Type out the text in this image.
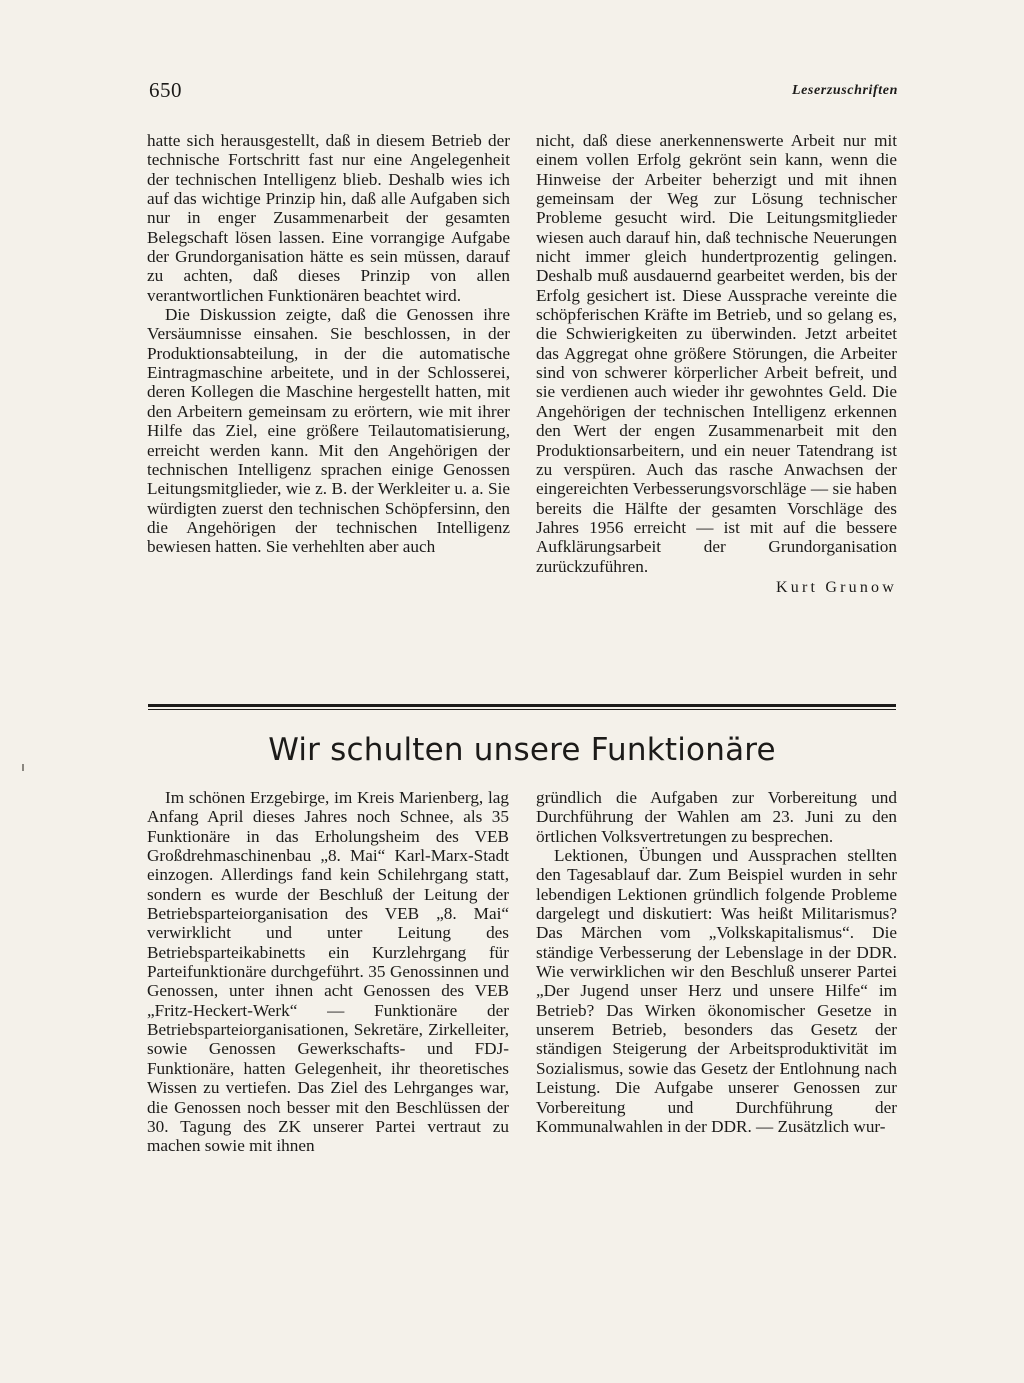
650	Leserzuschriften

hatte sich herausgestellt, daß in diesem Betrieb der technische Fortschritt fast nur eine Angelegenheit der technischen Intelligenz blieb. Deshalb wies ich auf das wichtige Prinzip hin, daß alle Aufgaben sich nur in enger Zusammenarbeit der gesamten Belegschaft lösen lassen. Eine vorrangige Aufgabe der Grundorganisation hätte es sein müssen, darauf zu achten, daß dieses Prinzip von allen verantwortlichen Funktionären beachtet wird.

Die Diskussion zeigte, daß die Genossen ihre Versäumnisse einsahen. Sie beschlossen, in der Produktionsabteilung, in der die automatische Eintragmaschine arbeitete, und in der Schlosserei, deren Kollegen die Maschine hergestellt hatten, mit den Arbeitern gemeinsam zu erörtern, wie mit ihrer Hilfe das Ziel, eine größere Teilautomatisierung, erreicht werden kann. Mit den Angehörigen der technischen Intelligenz sprachen einige Genossen Leitungsmitglieder, wie z. B. der Werkleiter u. a. Sie würdigten zuerst den technischen Schöpfersinn, den die Angehörigen der technischen Intelligenz bewiesen hatten. Sie verhehlten aber auch

nicht, daß diese anerkennenswerte Arbeit nur mit einem vollen Erfolg gekrönt sein kann, wenn die Hinweise der Arbeiter beherzigt und mit ihnen gemeinsam der Weg zur Lösung technischer Probleme gesucht wird. Die Leitungsmitglieder wiesen auch darauf hin, daß technische Neuerungen nicht immer gleich hundertprozentig gelingen. Deshalb muß ausdauernd gearbeitet werden, bis der Erfolg gesichert ist. Diese Aussprache vereinte die schöpferischen Kräfte im Betrieb, und so gelang es, die Schwierigkeiten zu überwinden. Jetzt arbeitet das Aggregat ohne größere Störungen, die Arbeiter sind von schwerer körperlicher Arbeit befreit, und sie verdienen auch wieder ihr gewohntes Geld. Die Angehörigen der technischen Intelligenz erkennen den Wert der engen Zusammenarbeit mit den Produktionsarbeitern, und ein neuer Tatendrang ist zu verspüren. Auch das rasche Anwachsen der eingereichten Verbesserungsvorschläge — sie haben bereits die Hälfte der gesamten Vorschläge des Jahres 1956 erreicht — ist mit auf die bessere Aufklärungsarbeit der Grundorganisation zurückzuführen.

Kurt Grunow
Wir schulten unsere Funktionäre

Im schönen Erzgebirge, im Kreis Marienberg, lag Anfang April dieses Jahres noch Schnee, als 35 Funktionäre in das Erholungsheim des VEB Großdrehmaschinenbau „8. Mai“ Karl-Marx-Stadt einzogen. Allerdings fand kein Schilehrgang statt, sondern es wurde der Beschluß der Leitung der Betriebsparteiorganisation des VEB „8. Mai“ verwirklicht und unter Leitung des Betriebsparteikabinetts ein Kurzlehrgang für Parteifunktionäre durchgeführt. 35 Genossinnen und Genossen, unter ihnen acht Genossen des VEB „Fritz-Heckert-Werk“ — Funktionäre der Betriebsparteiorganisationen, Sekretäre, Zirkelleiter, sowie Genossen Gewerkschafts- und FDJ-Funktionäre, hatten Gelegenheit, ihr theoretisches Wissen zu vertiefen. Das Ziel des Lehrganges war, die Genossen noch besser mit den Beschlüssen der 30. Tagung des ZK unserer Partei vertraut zu machen sowie mit ihnen

gründlich die Aufgaben zur Vorbereitung und Durchführung der Wahlen am 23. Juni zu den örtlichen Volksvertretungen zu besprechen.

Lektionen, Übungen und Aussprachen stellten den Tagesablauf dar. Zum Beispiel wurden in sehr lebendigen Lektionen gründlich folgende Probleme dargelegt und diskutiert: Was heißt Militarismus? Das Märchen vom „Volkskapitalismus“. Die ständige Verbesserung der Lebenslage in der DDR. Wie verwirklichen wir den Beschluß unserer Partei „Der Jugend unser Herz und unsere Hilfe“ im Betrieb? Das Wirken ökonomischer Gesetze in unserem Betrieb, besonders das Gesetz der ständigen Steigerung der Arbeitsproduktivität im Sozialismus, sowie das Gesetz der Entlohnung nach Leistung. Die Aufgabe unserer Genossen zur Vorbereitung und Durchführung der Kommunalwahlen in der DDR. — Zusätzlich wur-
